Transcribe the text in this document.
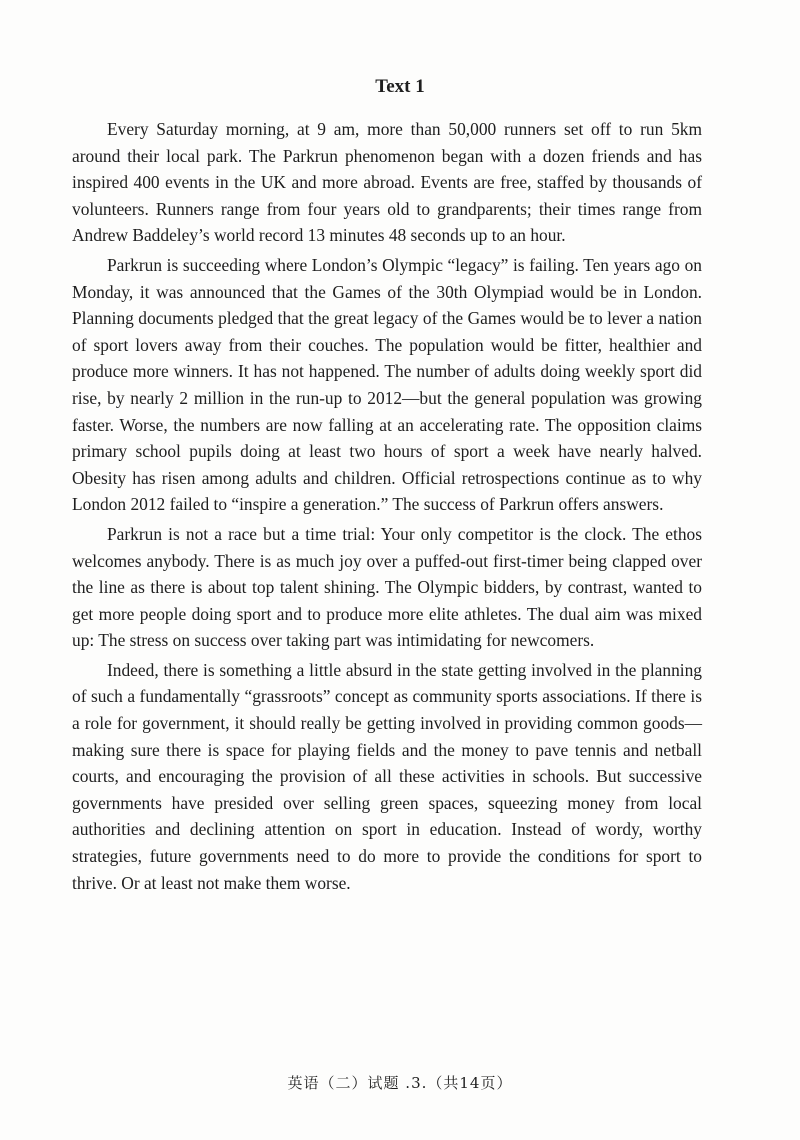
Text 1

Every Saturday morning, at 9 am, more than 50,000 runners set off to run 5km around their local park. The Parkrun phenomenon began with a dozen friends and has inspired 400 events in the UK and more abroad. Events are free, staffed by thousands of volunteers. Runners range from four years old to grandparents; their times range from Andrew Baddeley’s world record 13 minutes 48 seconds up to an hour.

Parkrun is succeeding where London’s Olympic “legacy” is failing. Ten years ago on Monday, it was announced that the Games of the 30th Olympiad would be in London. Planning documents pledged that the great legacy of the Games would be to lever a nation of sport lovers away from their couches. The population would be fitter, healthier and produce more winners. It has not happened. The number of adults doing weekly sport did rise, by nearly 2 million in the run-up to 2012—but the general population was growing faster. Worse, the numbers are now falling at an accelerating rate. The opposition claims primary school pupils doing at least two hours of sport a week have nearly halved. Obesity has risen among adults and children. Official retrospections continue as to why London 2012 failed to “inspire a generation.” The success of Parkrun offers answers.

Parkrun is not a race but a time trial: Your only competitor is the clock. The ethos welcomes anybody. There is as much joy over a puffed-out first-timer being clapped over the line as there is about top talent shining. The Olympic bidders, by contrast, wanted to get more people doing sport and to produce more elite athletes. The dual aim was mixed up: The stress on success over taking part was intimidating for newcomers.

Indeed, there is something a little absurd in the state getting involved in the planning of such a fundamentally “grassroots” concept as community sports associations. If there is a role for government, it should really be getting involved in providing common goods—making sure there is space for playing fields and the money to pave tennis and netball courts, and encouraging the provision of all these activities in schools. But successive governments have presided over selling green spaces, squeezing money from local authorities and declining attention on sport in education. Instead of wordy, worthy strategies, future governments need to do more to provide the conditions for sport to thrive. Or at least not make them worse.

英语（二）试题 .3.（共14页）
